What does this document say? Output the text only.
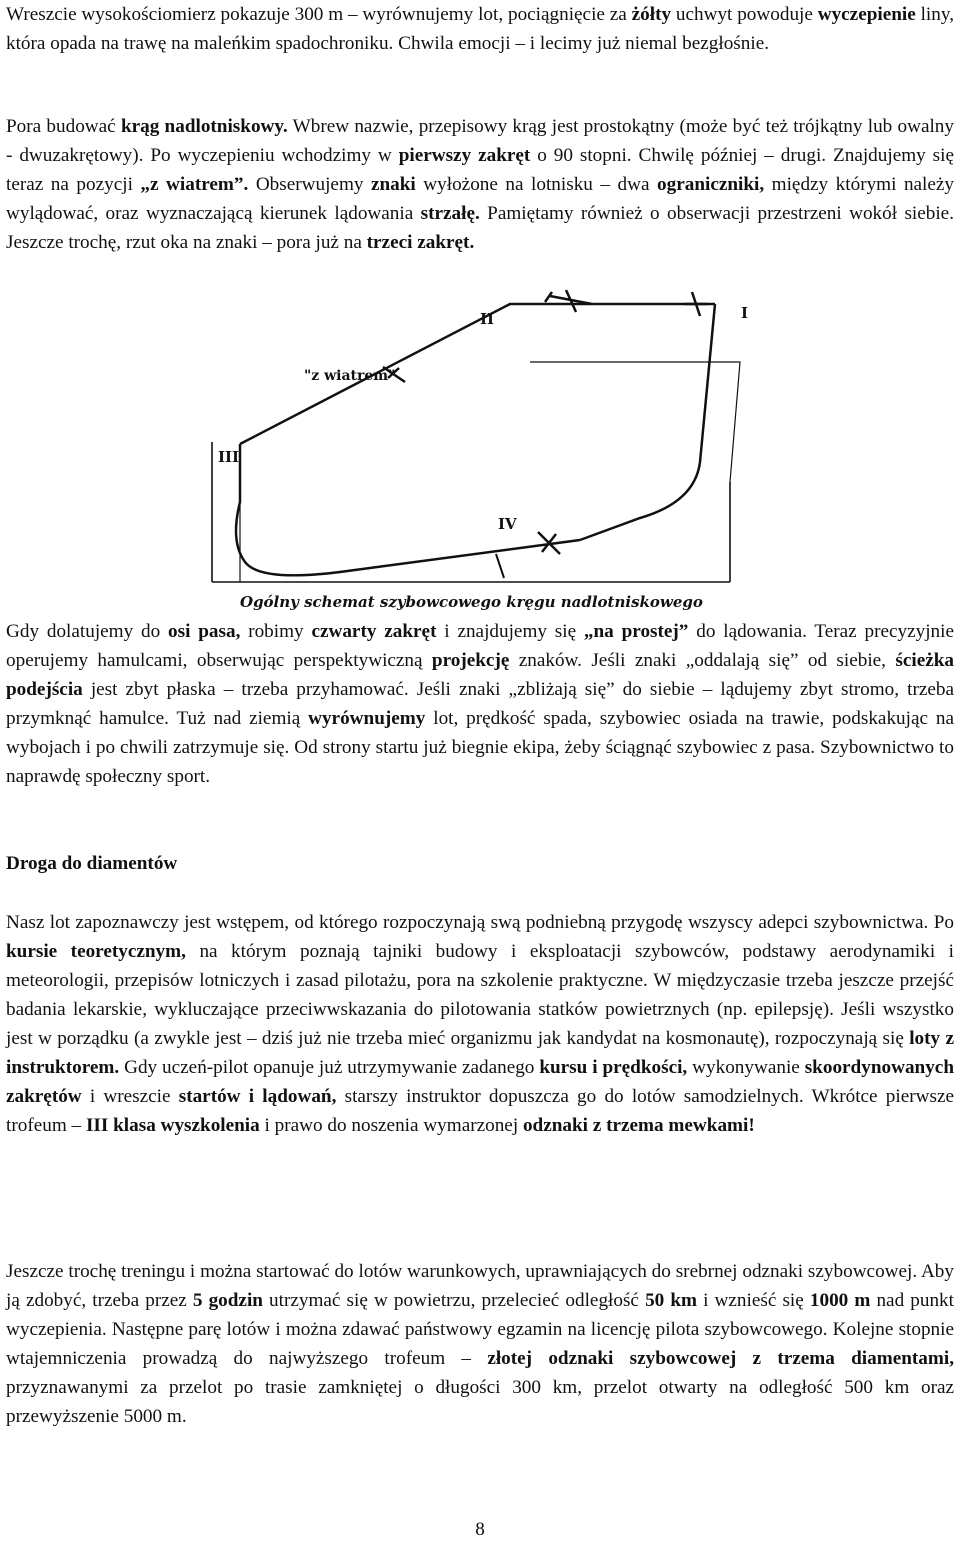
Wreszcie wysokościomierz pokazuje 300 m – wyrównujemy lot, pociągnięcie za żółty uchwyt powoduje wyczepienie liny, która opada na trawę na maleńkim spadochroniku. Chwila emocji – i lecimy już niemal bezgłośnie.

Pora budować krąg nadlotniskowy. Wbrew nazwie, przepisowy krąg jest prostokątny (może być też trójkątny lub owalny - dwuzakrętowy). Po wyczepieniu wchodzimy w pierwszy zakręt o 90 stopni. Chwilę później – drugi. Znajdujemy się teraz na pozycji „z wiatrem”. Obserwujemy znaki wyłożone na lotnisku – dwa ograniczniki, między którymi należy wylądować, oraz wyznaczającą kierunek lądowania strzałę. Pamiętamy również o obserwacji przestrzeni wokół siebie. Jeszcze trochę, rzut oka na znaki – pora już na trzeci zakręt.

II	I
"z wiatrem"
III
IV
Ogólny schemat szybowcowego kręgu nadlotniskowego

Gdy dolatujemy do osi pasa, robimy czwarty zakręt i znajdujemy się „na prostej” do lądowania. Teraz precyzyjnie operujemy hamulcami, obserwując perspektywiczną projekcję znaków. Jeśli znaki „oddalają się” od siebie, ścieżka podejścia jest zbyt płaska – trzeba przyhamować. Jeśli znaki „zbliżają się” do siebie – lądujemy zbyt stromo, trzeba przymknąć hamulce. Tuż nad ziemią wyrównujemy lot, prędkość spada, szybowiec osiada na trawie, podskakując na wybojach i po chwili zatrzymuje się. Od strony startu już biegnie ekipa, żeby ściągnąć szybowiec z pasa. Szybownictwo to naprawdę społeczny sport.

Droga do diamentów

Nasz lot zapoznawczy jest wstępem, od którego rozpoczynają swą podniebną przygodę wszyscy adepci szybownictwa. Po kursie teoretycznym, na którym poznają tajniki budowy i eksploatacji szybowców, podstawy aerodynamiki i meteorologii, przepisów lotniczych i zasad pilotażu, pora na szkolenie praktyczne. W międzyczasie trzeba jeszcze przejść badania lekarskie, wykluczające przeciwwskazania do pilotowania statków powietrznych (np. epilepsję). Jeśli wszystko jest w porządku (a zwykle jest – dziś już nie trzeba mieć organizmu jak kandydat na kosmonautę), rozpoczynają się loty z instruktorem. Gdy uczeń-pilot opanuje już utrzymywanie zadanego kursu i prędkości, wykonywanie skoordynowanych zakrętów i wreszcie startów i lądowań, starszy instruktor dopuszcza go do lotów samodzielnych. Wkrótce pierwsze trofeum – III klasa wyszkolenia i prawo do noszenia wymarzonej odznaki z trzema mewkami!

Jeszcze trochę treningu i można startować do lotów warunkowych, uprawniających do srebrnej odznaki szybowcowej. Aby ją zdobyć, trzeba przez 5 godzin utrzymać się w powietrzu, przelecieć odległość 50 km i wznieść się 1000 m nad punkt wyczepienia. Następne parę lotów i można zdawać państwowy egzamin na licencję pilota szybowcowego. Kolejne stopnie wtajemniczenia prowadzą do najwyższego trofeum – złotej odznaki szybowcowej z trzema diamentami, przyznawanymi za przelot po trasie zamkniętej o długości 300 km, przelot otwarty na odległość 500 km oraz przewyższenie 5000 m.

8
